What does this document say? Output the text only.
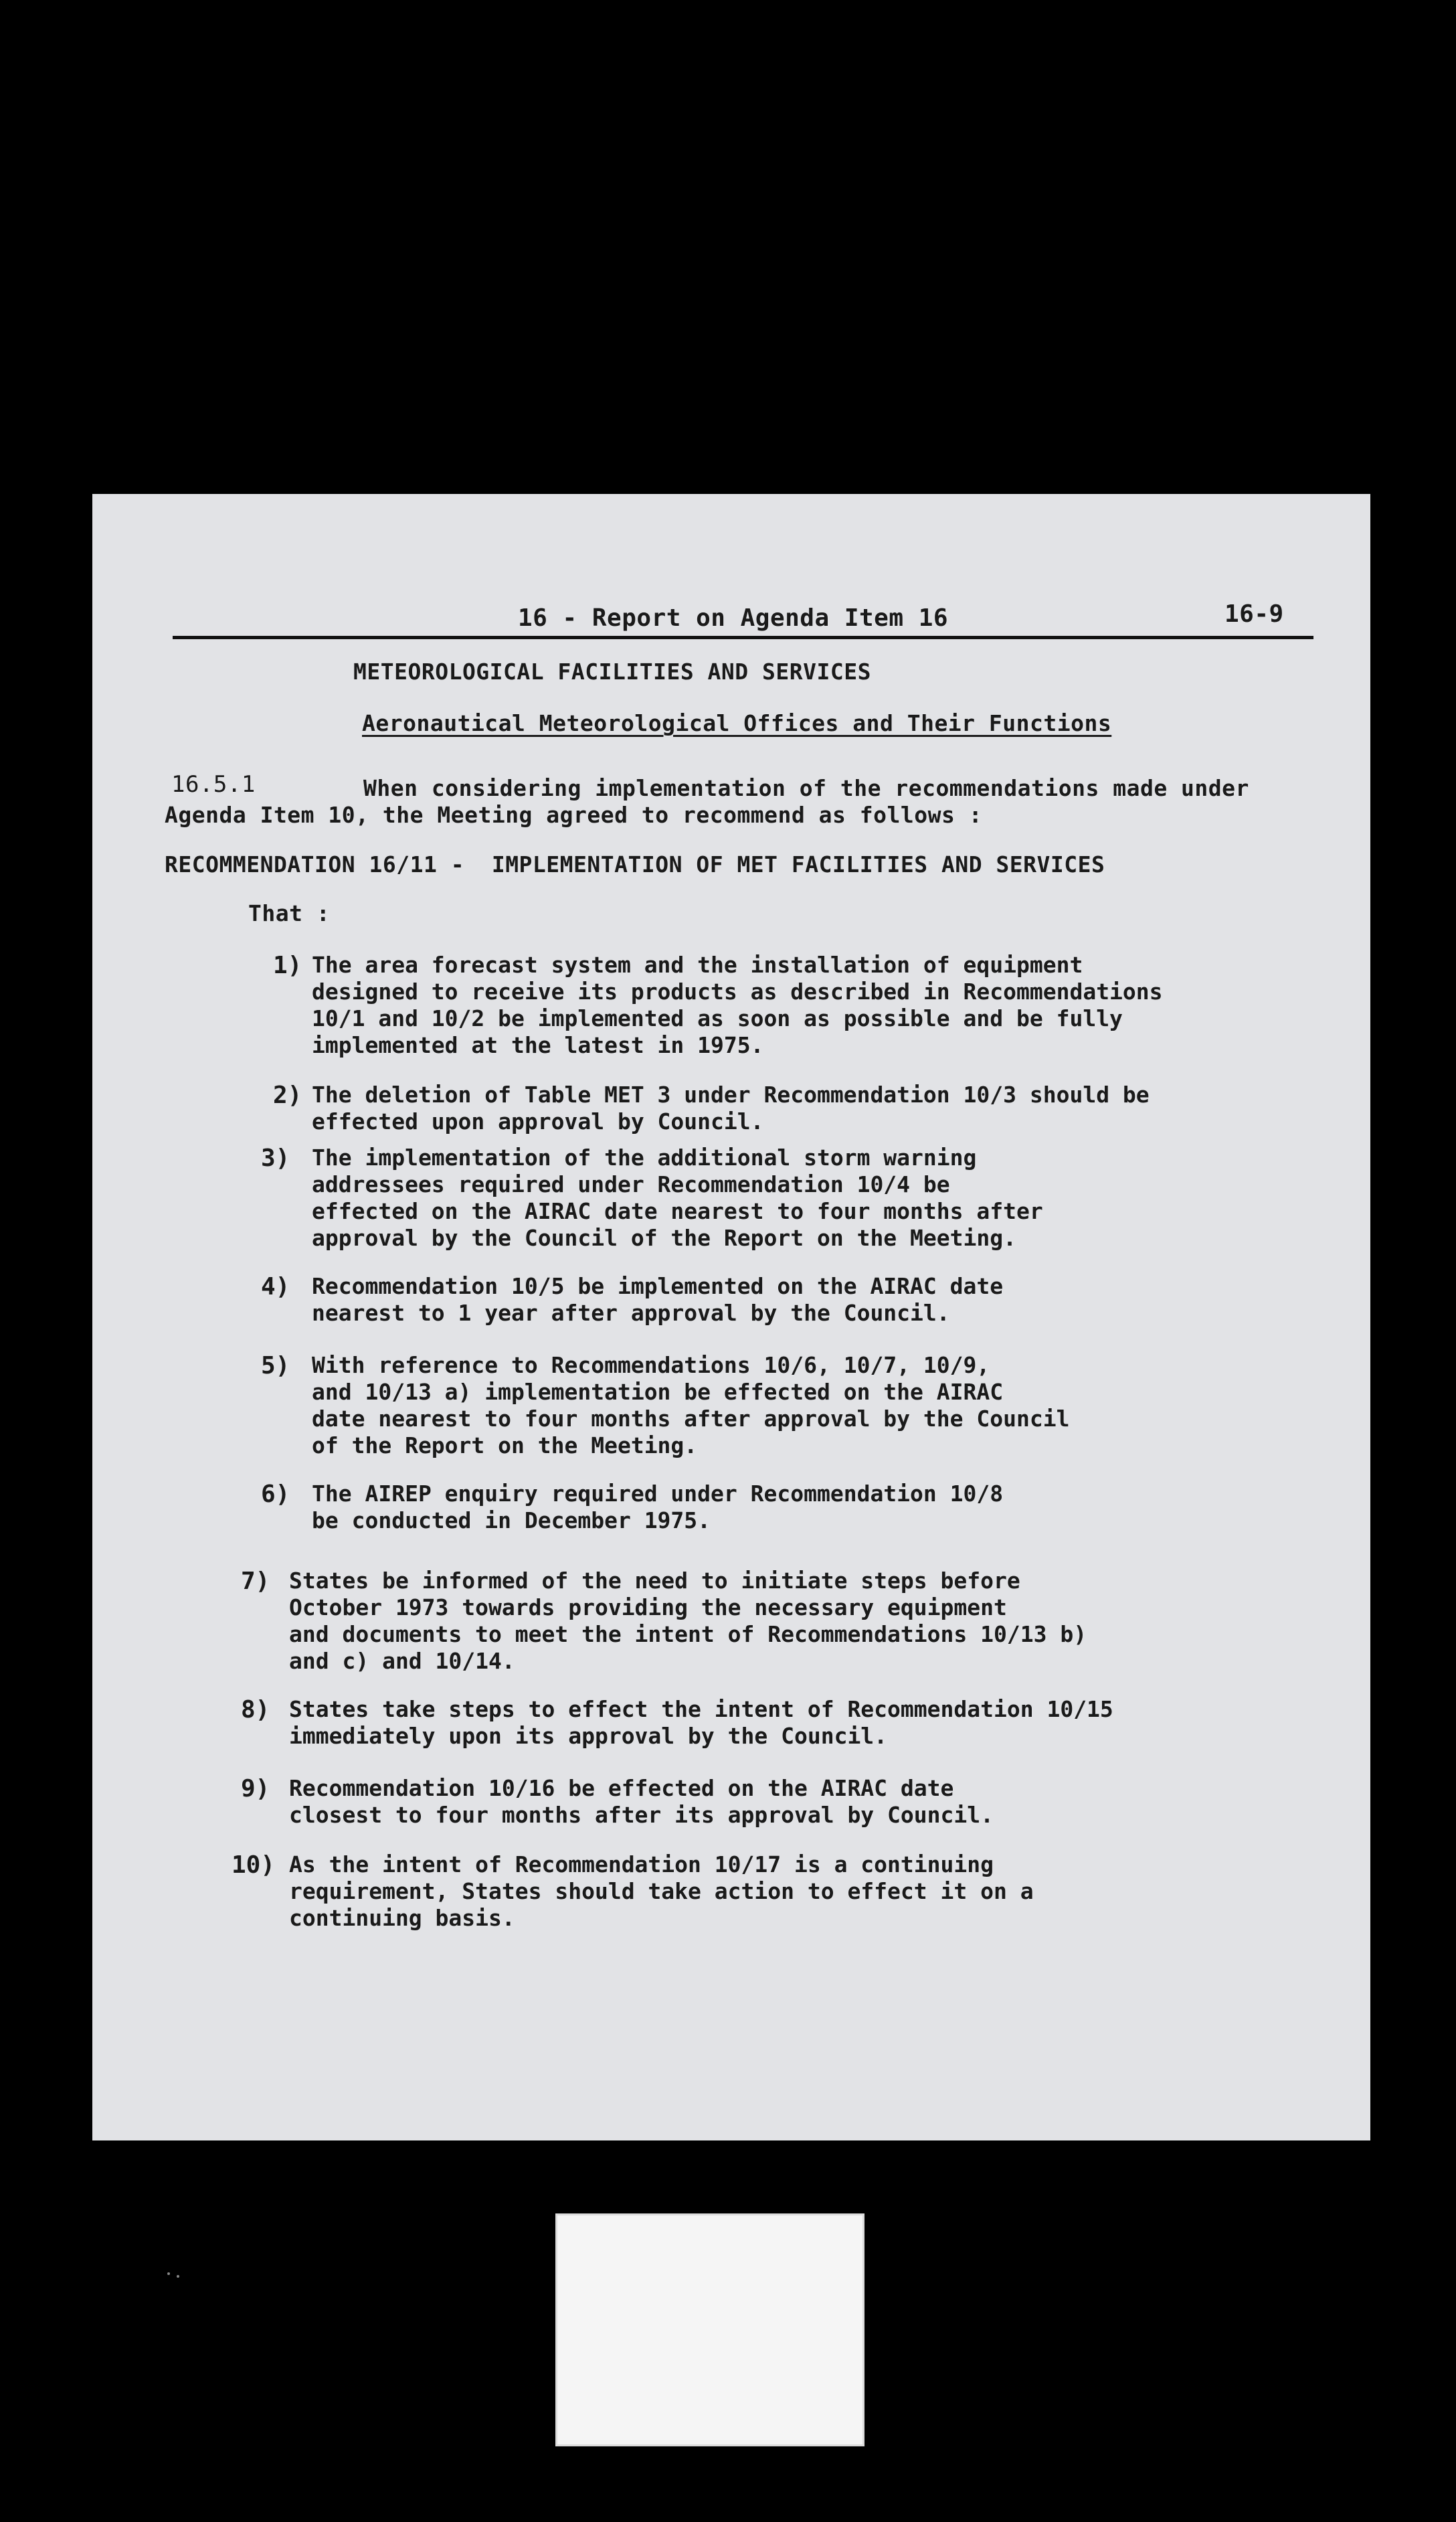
16 - Report on Agenda Item 16	16-9
METEOROLOGICAL FACILITIES AND SERVICES
Aeronautical Meteorological Offices and Their Functions
16.5.1	When considering implementation of the recommendations made under
Agenda Item 10, the Meeting agreed to recommend as follows :
RECOMMENDATION 16/11 -  IMPLEMENTATION OF MET FACILITIES AND SERVICES
That :

1)

The area forecast system and the installation of equipment
designed to receive its products as described in Recommendations
10/1 and 10/2 be implemented as soon as possible and be fully
implemented at the latest in 1975.

2)

The deletion of Table MET 3 under Recommendation 10/3 should be
effected upon approval by Council.

3)

The implementation of the additional storm warning
addressees required under Recommendation 10/4 be
effected on the AIRAC date nearest to four months after
approval by the Council of the Report on the Meeting.

4)

Recommendation 10/5 be implemented on the AIRAC date
nearest to 1 year after approval by the Council.

5)

With reference to Recommendations 10/6, 10/7, 10/9,
and 10/13 a) implementation be effected on the AIRAC
date nearest to four months after approval by the Council
of the Report on the Meeting.

6)

The AIREP enquiry required under Recommendation 10/8
be conducted in December 1975.

7)

States be informed of the need to initiate steps before
October 1973 towards providing the necessary equipment
and documents to meet the intent of Recommendations 10/13 b)
and c) and 10/14.

8)

States take steps to effect the intent of Recommendation 10/15
immediately upon its approval by the Council.

9)

Recommendation 10/16 be effected on the AIRAC date
closest to four months after its approval by Council.

10)

As the intent of Recommendation 10/17 is a continuing
requirement, States should take action to effect it on a
continuing basis.
